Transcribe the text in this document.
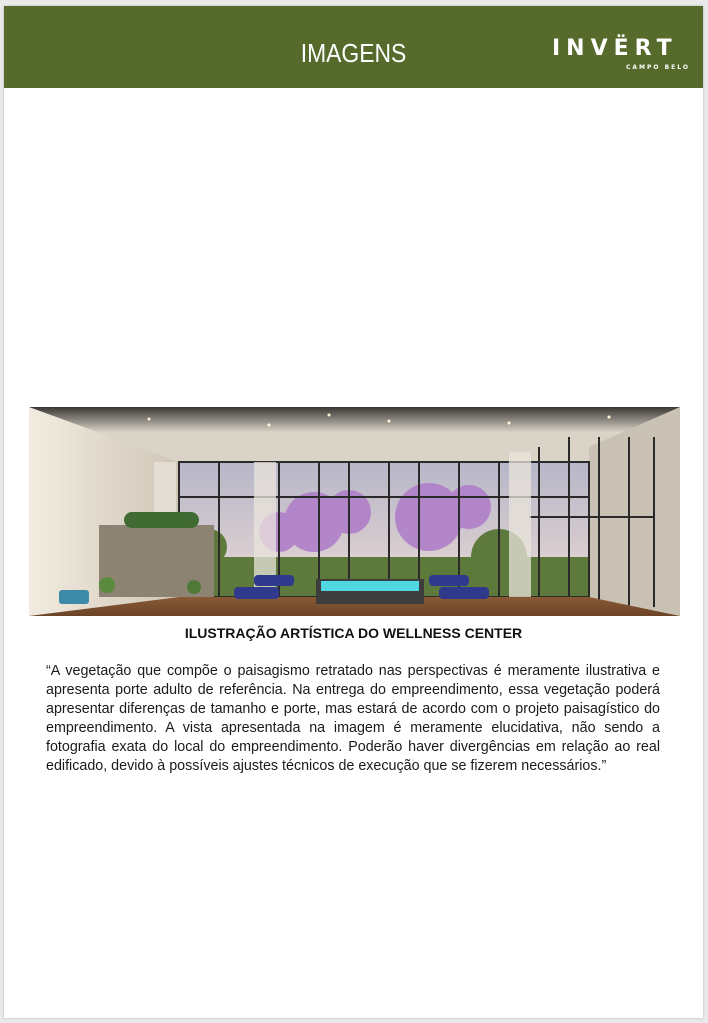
IMAGENS	INVËRT
CAMPO BELO
ILUSTRAÇÃO ARTÍSTICA DO WELLNESS CENTER
“A vegetação que compõe o paisagismo retratado nas perspectivas é meramente ilustrativa e apresenta porte adulto de referência. Na entrega do empreendimento, essa vegetação poderá apresentar diferenças de tamanho e porte, mas estará de acordo com o projeto paisagístico do empreendimento. A vista apresentada na imagem é meramente elucidativa, não sendo a fotografia exata do local do empreendimento. Poderão haver divergências em relação ao real edificado, devido à possíveis ajustes técnicos de execução que se fizerem necessários.”
